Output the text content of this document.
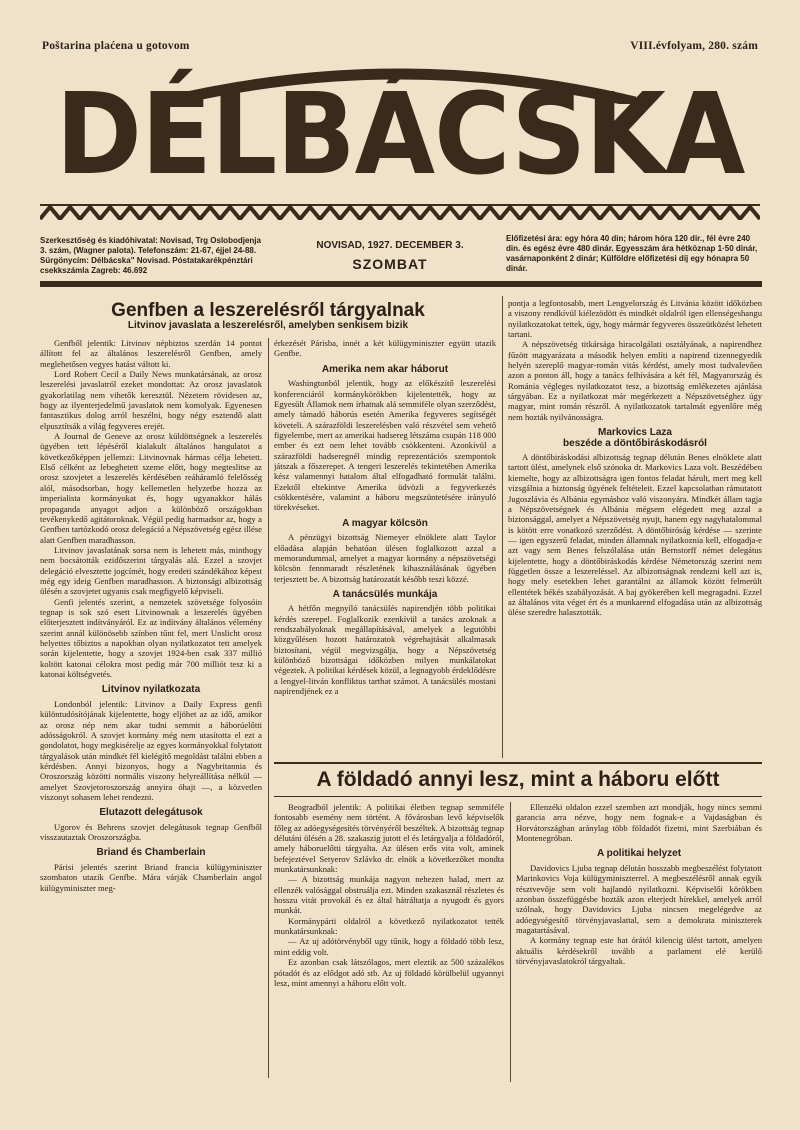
Poštarina plaćena u gotovom	VIII.évfolyam, 280. szám
DÉLBÁCSKA
Szerkesztőség és kiadóhivatal: Novisad, Trg Oslobodjenja 3. szám, (Wagner palota). Telefonszám: 21-67, éjjel 24-88. Sürgönycím: Délbácska" Novisad. Póstatakarékpénztári csekkszámla Zagreb: 46.692
NOVISAD, 1927. DECEMBER 3.
SZOMBAT
Előfizetési ára: egy hóra 40 din; három hóra 120 dir., fél évre 240 din. és egész évre 480 dinár. Egyesszám ára hétköznap 1·50 dinár, vasárnaponként 2 dinár; Külföldre előfizetési díj egy hónapra 50 dinár.
Genfben a leszerelésről tárgyalnak
Litvinov javaslata a leszerelésről, amelyben senkisem bizik

Genfből jelentik: Litvinov népbiztos szerdán 14 pontot állított fel az általános leszerelésről Genfben, amely meglehetősen vegyes hatást váltott ki.

Lord Robert Cecil a Daily News munkatársának, az orosz leszerelési javaslatról ezeket mondottat: Az orosz javaslatok gyakorlatilag nem vihetők keresztül. Nézetem rövidesen az, hogy az ilyenterjedelmű javaslatok nem komolyak. Egyenesen fantasztikus dolog arról beszélni, hogy négy esztendő alatt elpusztítsák a világ fegyveres erejét.

A Journal de Geneve az orosz küldöttségnek a leszerelés ügyében tett lépéséről kialakult általános hangulatot a következőképpen jellemzi: Litvinovnak hármas célja lehetett. Első célként az lebeghetett szeme előtt, hogy megteslitse az orosz szovjetet a leszerelés kérdésében reáháramló felelősség alól, másodsorban, hogy kellemetlen helyzetbe hozza az imperialista kormányokat és, hogy ugyanakkor hálás propaganda anyagot adjon a különböző országokban tevékenykedő agitátoroknak. Végül pedig harmadsor az, hogy a Genfben tartózkodó orosz delegáció a Népszövetség egész illése alatt Genfben maradhasson.

Litvinov javaslatának sorsa nem is lehetett más, minthogy nem bocsátották ezidőszerint tárgyalás alá. Ezzel a szovjet delegáció elvesztette jogcímét, hogy eredeti szándékához képest még egy ideig Genfben maradhasson. A biztonsági albizottság ülésén a szovjetet ugyanis csak megfigyelő képviseli.

Genfi jelentés szerint, a nemzetek szövetsége folyosóin tegnap is sok szó esett Litvinownak a leszerelés ügyében előterjesztett indítványáról. Ez az indítvány általános vélemény szerint annál különösebb színben tűnt fel, mert Unslicht orosz helyettes tőbiztos a napokban olyan nyilatkozatot tett amelyek során kijelentette, hogy a szovjet 1924-ben csak 337 millió koltött katonai célokra most pedig már 700 milliót tesz ki a katonai költségvetés.

Litvinov nyilatkozata

Londonból jelentik: Litvinov a Daily Express genfi különtudósítójának kijelentette, hogy eljöhet az az idő, amikor az orosz nép nem akar tudni semmit a háborúelőtti adósságokról. A szovjet kormány még nem utasította el ezt a gondolatot, hogy megkisérelje az egyes kormányokkal folytatott tárgyalások után mindkét fél kielégítő megoldást találni ebben a kérdésben. Annyi bizonyos, hogy a Nagybritannia és Oroszország közötti normális viszony helyreállítása nélkül — amelyet Szovjetoroszország annyira óhajt —, a közvetlen viszonyt sohasem lehet rendezni.

Elutazott delegátusok

Ugorov és Behrens szovjet delegátusok tegnap Genfből visszautaztak Oroszországba.

Briand és Chamberlain

Párisi jelentés szerint Briand francia külügyminiszter szombaton utazik Genfbe. Mára várják Chamberlain angol külügyminiszter meg-

érkezését Párisba, innét a két külügyminiszter együtt utazik Genfbe.

Amerika nem akar háborut

Washingtonból jelentik, hogy az előkészítő leszerelési konferenciáról kormánykörökben kijelentették, hogy az Egyesült Államok nem írhatnak alá semmiféle olyan szerződést, amely támadó háborús esetén Amerika fegyveres segítségét követeli. A szárazföldi leszerelésben való részvétel sem vehető figyelembe, mert az amerikai hadsereg létszáma csupán 118 000 ember és ezt nem lehet tovább csökkenteni. Azonkívül a szárazföldi hadseregnél mindig reprezentációs szempontok játszak a főszerepet. A tengeri leszerelés tekintetében Amerika kész valamennyi hatalom által elfogadható formulát találni. Ezektől eltekintve Amerika üdvözli a fegyverkezés csökkentésére, valamint a háboru megszüntetésére irányuló törekvéseket.

A magyar kölcsön

A pénzügyi bizottság Niemeyer elnöklete alatt Taylor előadása alapján behatóan ülésen foglalkozott azzal a memorandummal, amelyet a magyar kormány a népszövetségi kölcsön fennmaradt részletének kihasználásának ügyében terjesztett be. A bizottság határozatát később teszi közzé.

A tanácsülés munkája

A hétfőn megnyíló tanácsülés napirendjén több politikai kérdés szerepel. Foglalkozik ezenkívül a tanács azoknak a rendszabályoknak megállapításával, amelyek a legutóbbi közgyűlésen hozott határozatok végrehajtását alkalmasak biztosítani, végül megvizsgálja, hogy a Népszövetség különböző bizottságai időközben milyen munkálatokat végeztek. A politikai kérdések közül, a legnagyobb érdeklődésre a lengyel-litván konfliktus tarthat számot. A tanácsülés mostani napirendjének ez a

pontja a legfontosabb, mert Lengyelország és Litvánia között időközben a viszony rendkívül kiélezödött és mindkét oldalról igen ellenségeshangu nyilatkozatokat tettek, úgy, hogy mármár fegyveres összeütközést lehetett tartani.

A népszövetség titkársága hiracolgálati osztályának, a napirendhez fűzött magyarázata a második helyen említi a napirend tizennegyedik helyén szereplő magyar-román vitás kérdést, amely most tudvalevően azon a ponton áll, hogy a tanács felhívására a két fél, Magyarország és Románia végleges nyilatkozatot tesz, a bizottság emlékezetes ajánlása tárgyában. Ez a nyilatkozat már megérkezett a Népszövetséghez úgy magyar, mint román részről. A nyilatkozatok tartalmát egyenlőre még nem hozták nyilvánosságra.

Markovics Laza
beszéde a döntőbiráskodásról

A döntőbiráskodási albizottság tegnap délután Benes elnöklete alatt tartott ülést, amelynek első szónoka dr. Markovics Laza volt. Beszédében kiemelte, hogy az albizottságra igen fontos feladat hárult, mert meg kell vizsgálnia a biztonság ügyének feltételeit. Ezzel kapcsolatban rámutatott Jugoszlávia és Albánia egymáshoz való viszonyára. Mindkét állam tagja a Népszövetségnek és Albánia mégsem elégedett meg azzal a biztonsággal, amelyet a Népszövetség nyujt, hanem egy nagyhatalommal is kötött erre vonatkozó szerződést. A döntőbiróság kérdése — szerinte — igen egyszerű feladat, minden államnak nyilatkoznia kell, elfogadja-e azt vagy sem Benes felszólalása után Bernstorff német delegátus kijelentette, hogy a döntőbiráskodás kérdése Németország szerint nem független össze a leszereléssel. Az albizottságnak rendezni kell azt is, hogy mely esetekben lehet garantálni az államok között felmerült ellentétek békés szabályozását. A baj gyökerében kell megragadni. Ezzel az általános vita véget ért és a munkarend elfogadása után az albizottság ülése szeredre halasztották.

A földadó annyi lesz, mint a háboru előtt

Beogradból jelentik: A politikai életben tegnap semmiféle fontosabb esemény nem történt. A fővárosban levő képviselők főleg az adóegységesítés törvényéről beszéltek. A bizottság tegnap délutáni ülésén a 28. szakaszig jutott el és letárgyalja a földadóról, amely háboruelőtti tárgyalta. Az ülésen erős vita volt, aminek befejeztével Setyerov Szlávko dr. elnök a következőket mondta munkatársunknak:

— A bizottság munkája nagyon nehezen halad, mert az ellenzék valósággal obstruálja ezt. Minden szakasznál részletes és hosszu vitát provokál és ez által hátráltatja a nyugodt és gyors munkát.

Kormánypárti oldalról a következő nyilatkozatot tették munkatársunknak:

— Az uj adótörvényből ugy tűnik, hogy a földadó több lesz, mint eddig volt.

Ez azonban csak látszólagos, mert eleztik az 500 százalékos pótadót és az elődgot adó stb. Az uj földadó körülbelül ugyannyi lesz, mint amennyi a háboru előtt volt.

Ellenzéki oldalon ezzel szemben azt mondják, hogy nincs semmi garancia arra nézve, hogy nem fognak-e a Vajdaságban és Horvátországban aránylag több földadót fizetni, mint Szerbiában és Montenegróban.

A politikai helyzet

Davidovics Ljuba tegnap délután hosszabb megbeszélést folytatott Marinkovics Voja külügyminiszterrel. A megbeszélésről annak egyik résztvevője sem volt hajlandó nyilatkozni. Képviselői körökben azonban összefüggésbe hozták azon elterjedt hírekkel, amelyek arról szólnak, hogy Davidovics Ljuba nincsen megelégedve az adóegységesítő törvényjavaslattal, sem a demokrata miniszterek magatartásával.

A kormány tegnap este hat órától kilencig ülést tartott, amelyen aktuális kérdésekről tovább a parlament elé kerülő törvényjavaslatokról tárgyaltak.
